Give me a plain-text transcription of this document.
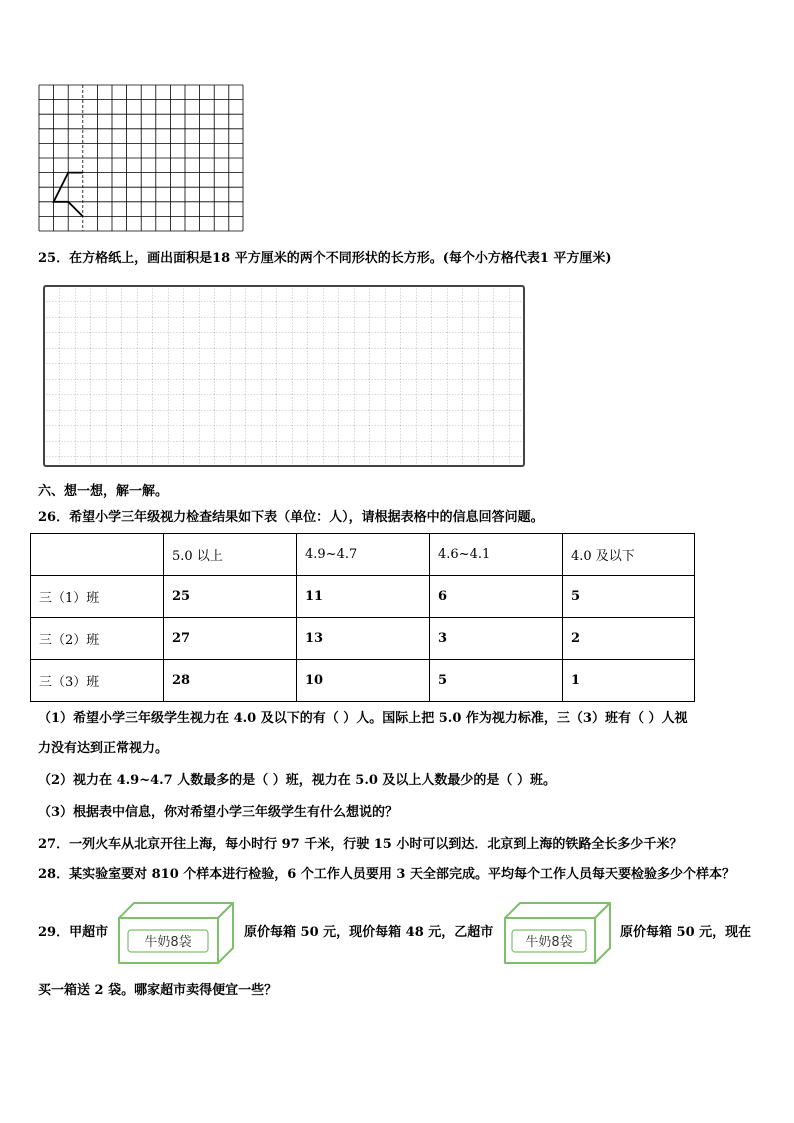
25．在方格纸上，画出面积是18 平方厘米的两个不同形状的长方形。(每个小方格代表1 平方厘米)
六、想一想，解一解。
26．希望小学三年级视力检查结果如下表（单位：人），请根据表格中的信息回答问题。
	5.0 以上	4.9~4.7	4.6~4.1	4.0 及以下
三（1）班	25	11	6	5
三（2）班	27	13	3	2
三（3）班	28	10	5	1
（1）希望小学三年级学生视力在 4.0 及以下的有（ ）人。国际上把 5.0 作为视力标准，三（3）班有（ ）人视
力没有达到正常视力。
（2）视力在 4.9~4.7 人数最多的是（ ）班，视力在 5.0 及以上人数最少的是（ ）班。
（3）根据表中信息，你对希望小学三年级学生有什么想说的？
27．一列火车从北京开往上海，每小时行 97 千米，行驶 15 小时可以到达．北京到上海的铁路全长多少千米？
28．某实验室要对 810 个样本进行检验，6 个工作人员要用 3 天全部完成。平均每个工作人员每天要检验多少个样本？
29．甲超市
牛奶8袋
原价每箱 50 元，现价每箱 48 元，乙超市
牛奶8袋
原价每箱 50 元，现在
买一箱送 2 袋。哪家超市卖得便宜一些？
